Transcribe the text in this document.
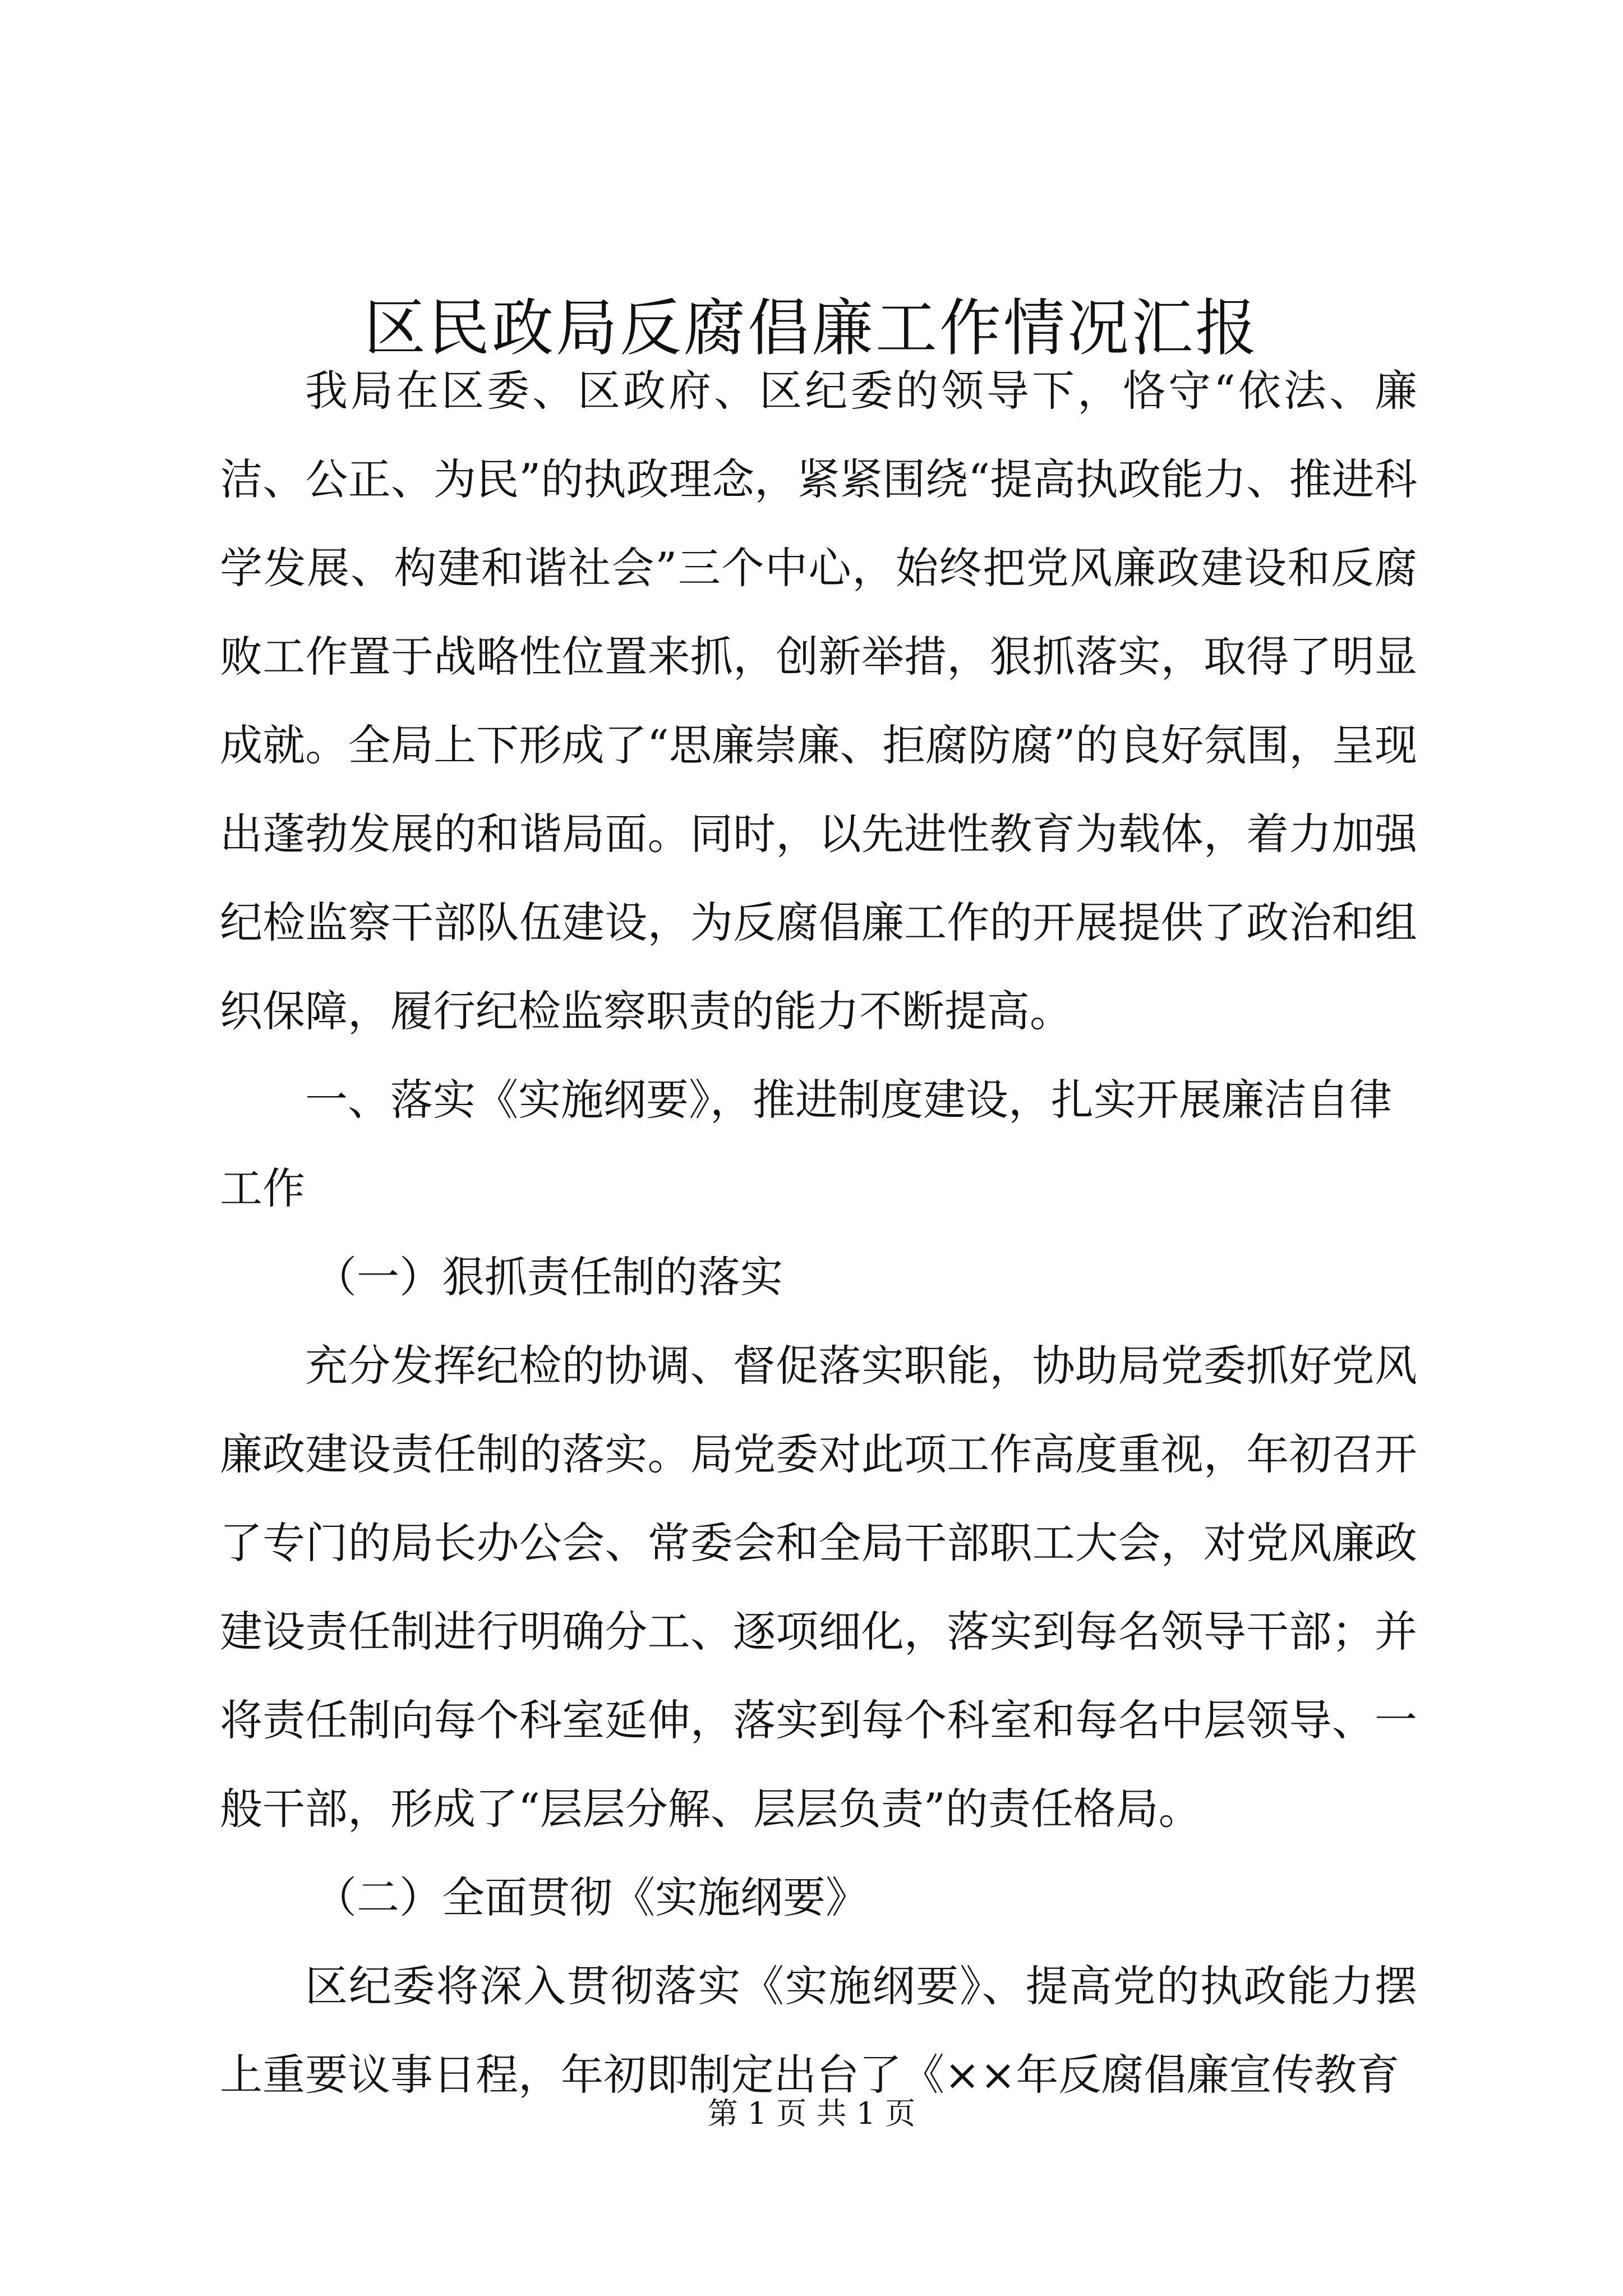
区民政局反腐倡廉工作情况汇报

我局在区委、区政府、区纪委的领导下，恪守“依法、廉洁、公正、为民”的执政理念，紧紧围绕“提高执政能力、推进科学发展、构建和谐社会”三个中心，始终把党风廉政建设和反腐败工作置于战略性位置来抓，创新举措，狠抓落实，取得了明显成就。全局上下形成了“思廉崇廉、拒腐防腐”的良好氛围，呈现出蓬勃发展的和谐局面。同时，以先进性教育为载体，着力加强纪检监察干部队伍建设，为反腐倡廉工作的开展提供了政治和组织保障，履行纪检监察职责的能力不断提高。

一、落实《实施纲要》，推进制度建设，扎实开展廉洁自律工作

（一）狠抓责任制的落实

充分发挥纪检的协调、督促落实职能，协助局党委抓好党风廉政建设责任制的落实。局党委对此项工作高度重视，年初召开了专门的局长办公会、常委会和全局干部职工大会，对党风廉政建设责任制进行明确分工、逐项细化，落实到每名领导干部；并将责任制向每个科室延伸，落实到每个科室和每名中层领导、一般干部，形成了“层层分解、层层负责”的责任格局。

（二）全面贯彻《实施纲要》

区纪委将深入贯彻落实《实施纲要》、提高党的执政能力摆上重要议事日程，年初即制定出台了《××年反腐倡廉宣传教育

第 1 页 共 1 页
